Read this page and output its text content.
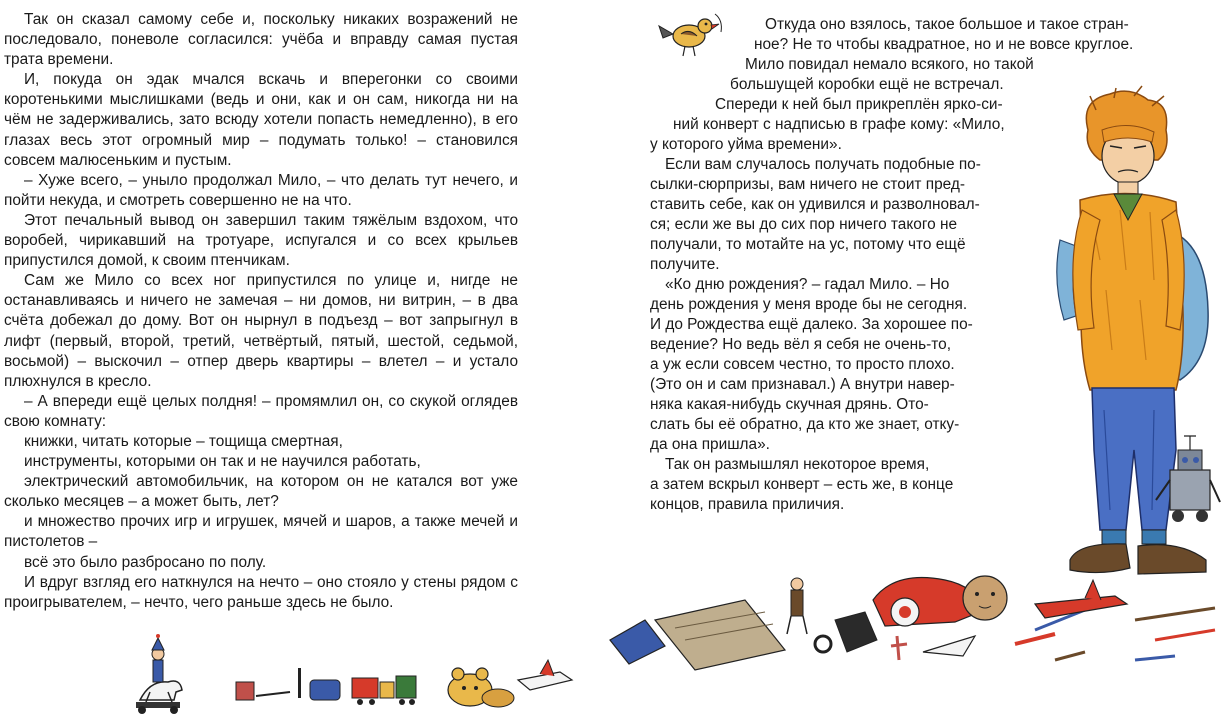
Так он сказал самому себе и, поскольку никаких возражений не последовало, поневоле согласился: учёба и вправду самая пустая трата времени.

И, покуда он эдак мчался вскачь и вперегонки со своими коротенькими мыслишками (ведь и они, как и он сам, никогда ни на чём не задерживались, зато всюду хотели попасть немедленно), в его глазах весь этот огромный мир – подумать только! – становился совсем малюсеньким и пустым.

– Хуже всего, – уныло продолжал Мило, – что делать тут нечего, и пойти некуда, и смотреть совершенно не на что.

Этот печальный вывод он завершил таким тяжёлым вздохом, что воробей, чирикавший на тротуаре, испугался и со всех крыльев припустился домой, к своим птенчикам.

Сам же Мило со всех ног припустился по улице и, нигде не останавливаясь и ничего не замечая – ни домов, ни витрин, – в два счёта добежал до дому. Вот он нырнул в подъезд – вот запрыгнул в лифт (первый, второй, третий, четвёртый, пятый, шестой, седьмой, восьмой) – выскочил – отпер дверь квартиры – влетел – и устало плюхнулся в кресло.

– А впереди ещё целых полдня! – промямлил он, со скукой оглядев свою комнату:

книжки, читать которые – тощища смертная,

инструменты, которыми он так и не научился работать,

электрический автомобильчик, на котором он не катался вот уже сколько месяцев – а может быть, лет?

и множество прочих игр и игрушек, мячей и шаров, а также мечей и пистолетов –

всё это было разбросано по полу.

И вдруг взгляд его наткнулся на нечто – оно стояло у стены рядом с проигрывателем, – нечто, чего раньше здесь не было.

Откуда оно взялось, такое большое и такое стран-
ное? Не то чтобы квадратное, но и не вовсе круглое.
Мило повидал немало всякого, но такой
большущей коробки ещё не встречал.
Спереди к ней был прикреплён ярко-си-
ний конверт с надписью в графе кому: «Мило,
у которого уйма времени».
Если вам случалось получать подобные по-
сылки-сюрпризы, вам ничего не стоит пред-
ставить себе, как он удивился и разволновал-
ся; если же вы до сих пор ничего такого не
получали, то мотайте на ус, потому что ещё
получите.
«Ко дню рождения? – гадал Мило. – Но
день рождения у меня вроде бы не сегодня.
И до Рождества ещё далеко. За хорошее по-
ведение? Но ведь вёл я себя не очень-то,
а уж если совсем честно, то просто плохо.
(Это он и сам признавал.) А внутри навер-
няка какая-нибудь скучная дрянь. Ото-
слать бы её обратно, да кто же знает, отку-
да она пришла».
Так он размышлял некоторое время,
а затем вскрыл конверт – есть же, в конце
концов, правила приличия.
